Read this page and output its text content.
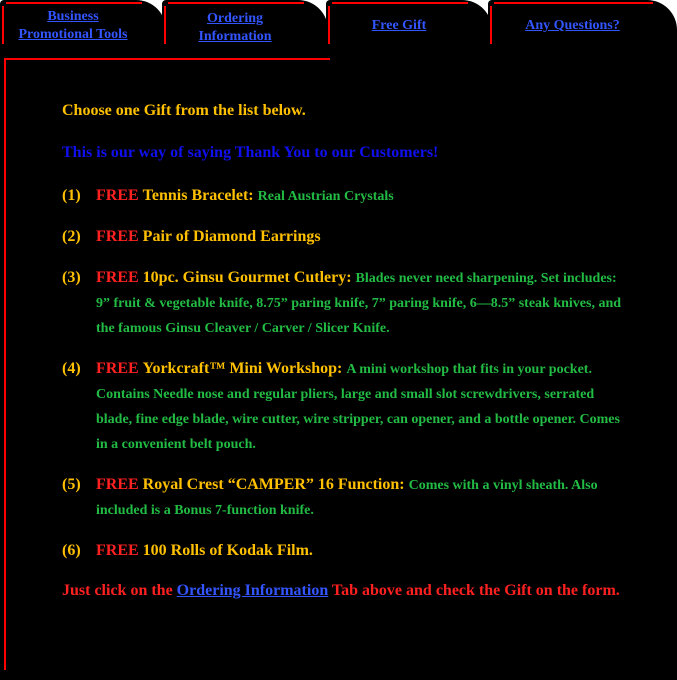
Business
Promotional Tools
Ordering
Information
Free Gift	Any Questions?

Choose one Gift from the list below.

This is our way of saying Thank You to our Customers!

(1) FREE Tennis Bracelet: Real Austrian Crystals
(2) FREE Pair of Diamond Earrings
(3) FREE 10pc. Ginsu Gourmet Cutlery: Blades never need sharpening. Set includes: 9” fruit & vegetable knife, 8.75” paring knife, 7” paring knife, 6—8.5” steak knives, and the famous Ginsu Cleaver / Carver / Slicer Knife.
(4) FREE Yorkcraft™ Mini Workshop: A mini workshop that fits in your pocket. Contains Needle nose and regular pliers, large and small slot screwdrivers, serrated blade, fine edge blade, wire cutter, wire stripper, can opener, and a bottle opener. Comes in a convenient belt pouch.
(5) FREE Royal Crest “CAMPER” 16 Function: Comes with a vinyl sheath. Also included is a Bonus 7-function knife.
(6) FREE 100 Rolls of Kodak Film.

Just click on the Ordering Information Tab above and check the Gift on the form.
